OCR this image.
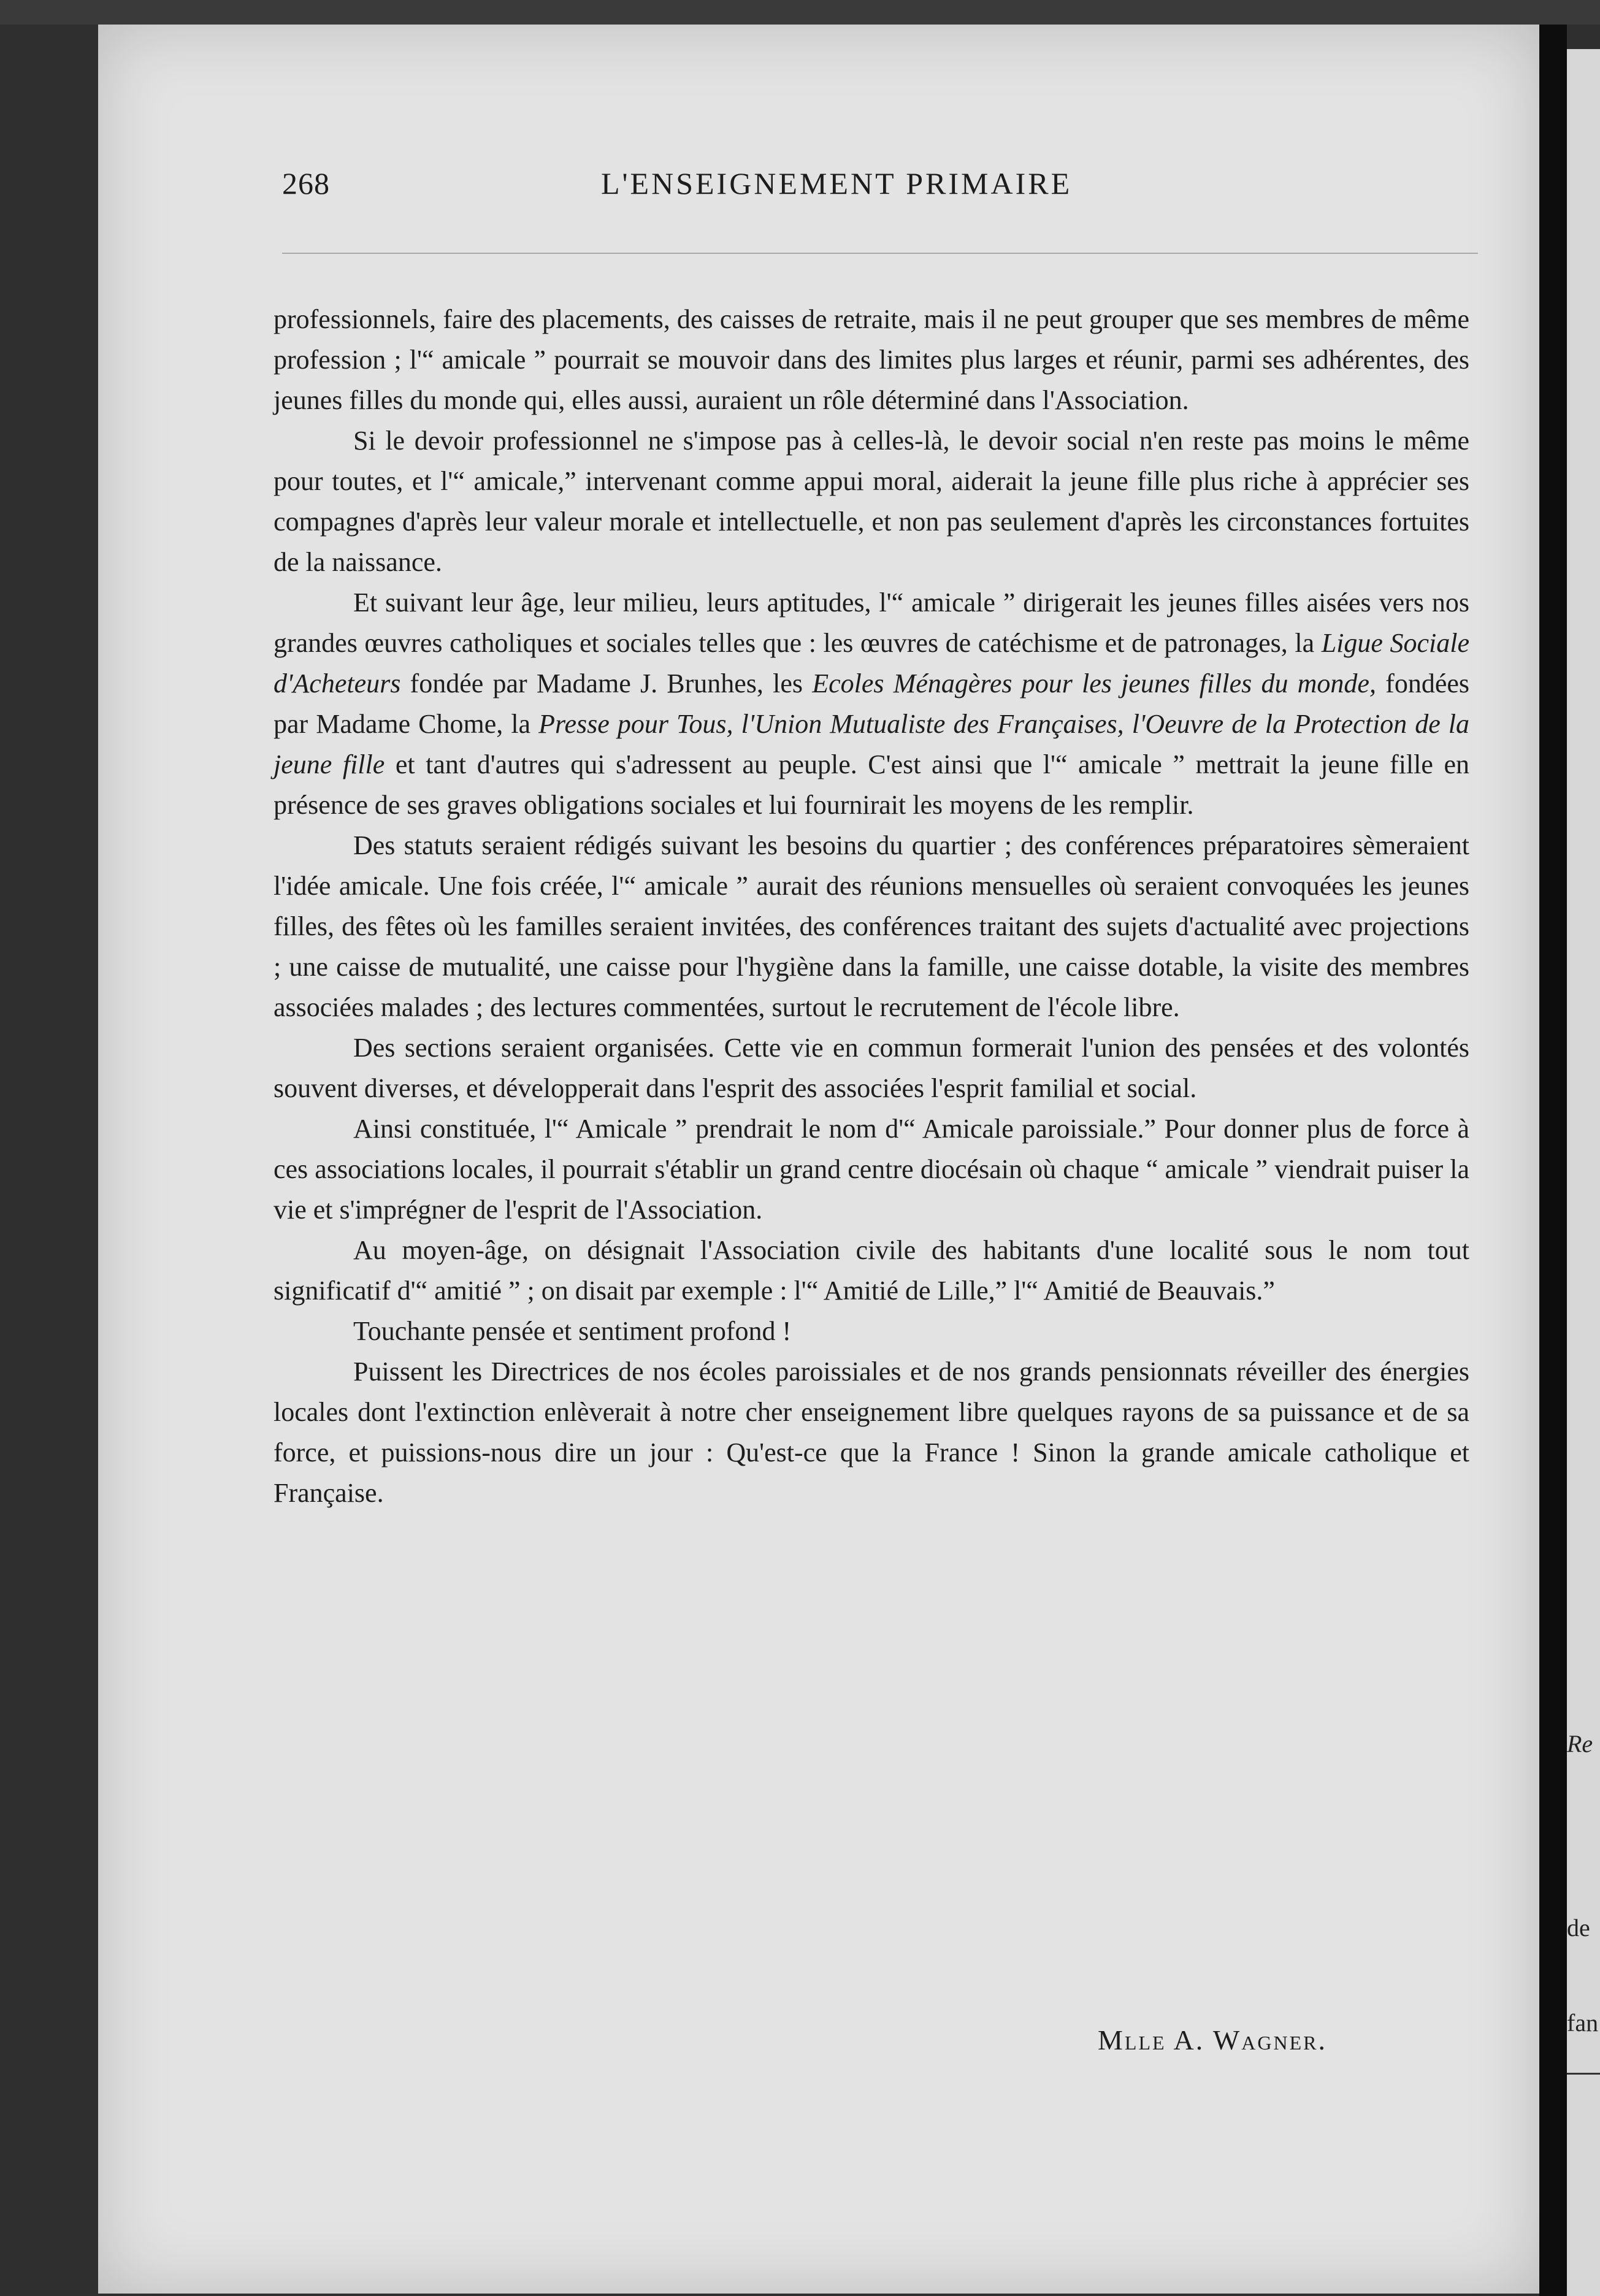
268	L'ENSEIGNEMENT PRIMAIRE

professionnels, faire des placements, des caisses de retraite, mais il ne peut grouper que ses membres de même profession ; l'“ amicale ” pourrait se mouvoir dans des limites plus larges et réunir, parmi ses adhérentes, des jeunes filles du monde qui, elles aussi, auraient un rôle déterminé dans l'Association.

Si le devoir professionnel ne s'impose pas à celles-là, le devoir social n'en reste pas moins le même pour toutes, et l'“ amicale,” intervenant comme appui moral, aiderait la jeune fille plus riche à apprécier ses compagnes d'après leur valeur morale et intellectuelle, et non pas seulement d'après les circonstances fortuites de la naissance.

Et suivant leur âge, leur milieu, leurs aptitudes, l'“ amicale ” dirigerait les jeunes filles aisées vers nos grandes œuvres catholiques et sociales telles que : les œuvres de catéchisme et de patronages, la Ligue Sociale d'Acheteurs fondée par Madame J. Brunhes, les Ecoles Ménagères pour les jeunes filles du monde, fondées par Madame Chome, la Presse pour Tous, l'Union Mutualiste des Françaises, l'Oeuvre de la Protection de la jeune fille et tant d'autres qui s'adressent au peuple. C'est ainsi que l'“ amicale ” mettrait la jeune fille en présence de ses graves obligations sociales et lui fournirait les moyens de les remplir.

Des statuts seraient rédigés suivant les besoins du quartier ; des conférences préparatoires sèmeraient l'idée amicale. Une fois créée, l'“ amicale ” aurait des réunions mensuelles où seraient convoquées les jeunes filles, des fêtes où les familles seraient invitées, des conférences traitant des sujets d'actualité avec projections ; une caisse de mutualité, une caisse pour l'hygiène dans la famille, une caisse dotable, la visite des membres associées malades ; des lectures commentées, surtout le recrutement de l'école libre.

Des sections seraient organisées. Cette vie en commun formerait l'union des pensées et des volontés souvent diverses, et développerait dans l'esprit des associées l'esprit familial et social.

Ainsi constituée, l'“ Amicale ” prendrait le nom d'“ Amicale paroissiale.” Pour donner plus de force à ces associations locales, il pourrait s'établir un grand centre diocésain où chaque “ amicale ” viendrait puiser la vie et s'imprégner de l'esprit de l'Association.

Au moyen-âge, on désignait l'Association civile des habitants d'une localité sous le nom tout significatif d'“ amitié ” ; on disait par exemple : l'“ Amitié de Lille,” l'“ Amitié de Beauvais.”

Touchante pensée et sentiment profond !

Puissent les Directrices de nos écoles paroissiales et de nos grands pensionnats réveiller des énergies locales dont l'extinction enlèverait à notre cher enseignement libre quelques rayons de sa puissance et de sa force, et puissions-nous dire un jour : Qu'est-ce que la France ! Sinon la grande amicale catholique et Française.

Mlle A. Wagner.
Re
de
fan
